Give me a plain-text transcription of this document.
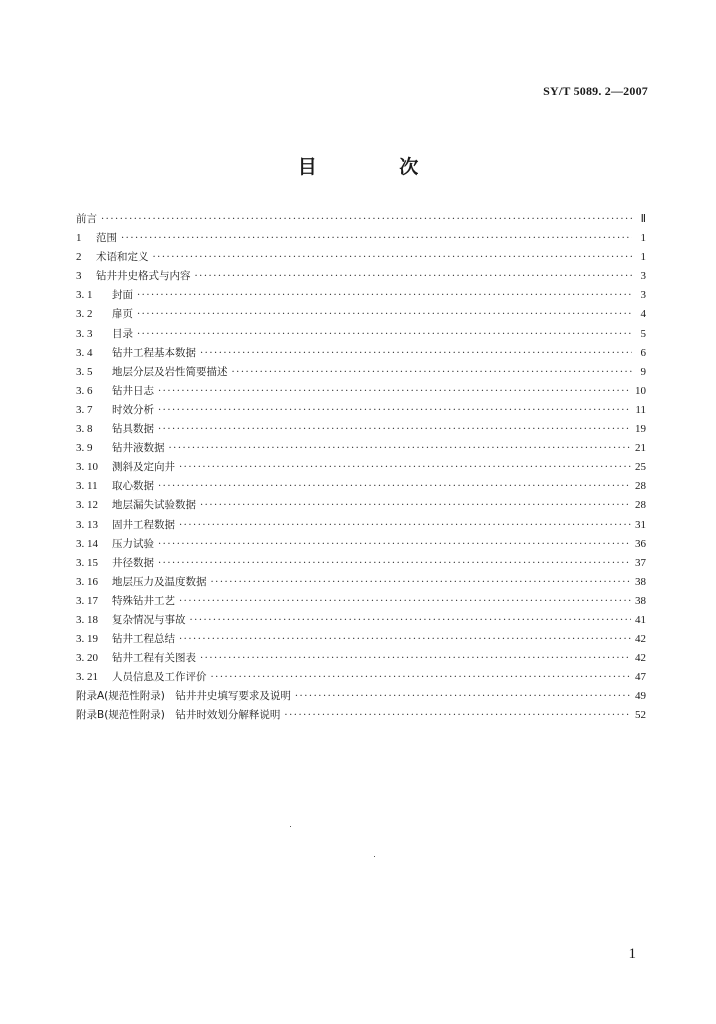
SY/T 5089. 2—2007
目 次
前言 ·····	Ⅱ
1	范围 ·····	1
2	术语和定义 ·····	1
3	钻井井史格式与内容 ·····	3
3. 1	封面 ·····	3
3. 2	扉页 ·····	4
3. 3	目录 ·····	5
3. 4	钻井工程基本数据 ·····	6
3. 5	地层分层及岩性简要描述 ·····	9
3. 6	钻井日志 ·····	10
3. 7	时效分析 ·····	11
3. 8	钻具数据 ·····	19
3. 9	钻井液数据 ·····	21
3. 10	测斜及定向井 ·····	25
3. 11	取心数据 ·····	28
3. 12	地层漏失试验数据 ·····	28
3. 13	固井工程数据 ·····	31
3. 14	压力试验 ·····	36
3. 15	井径数据 ·····	37
3. 16	地层压力及温度数据 ·····	38
3. 17	特殊钻井工艺 ·····	38
3. 18	复杂情况与事故 ·····	41
3. 19	钻井工程总结 ·····	42
3. 20	钻井工程有关图表 ·····	42
3. 21	人员信息及工作评价 ·····	47
附录A(规范性附录)　钻井井史填写要求及说明 ·····	49
附录B(规范性附录)　钻井时效划分解释说明 ·····	52
1
